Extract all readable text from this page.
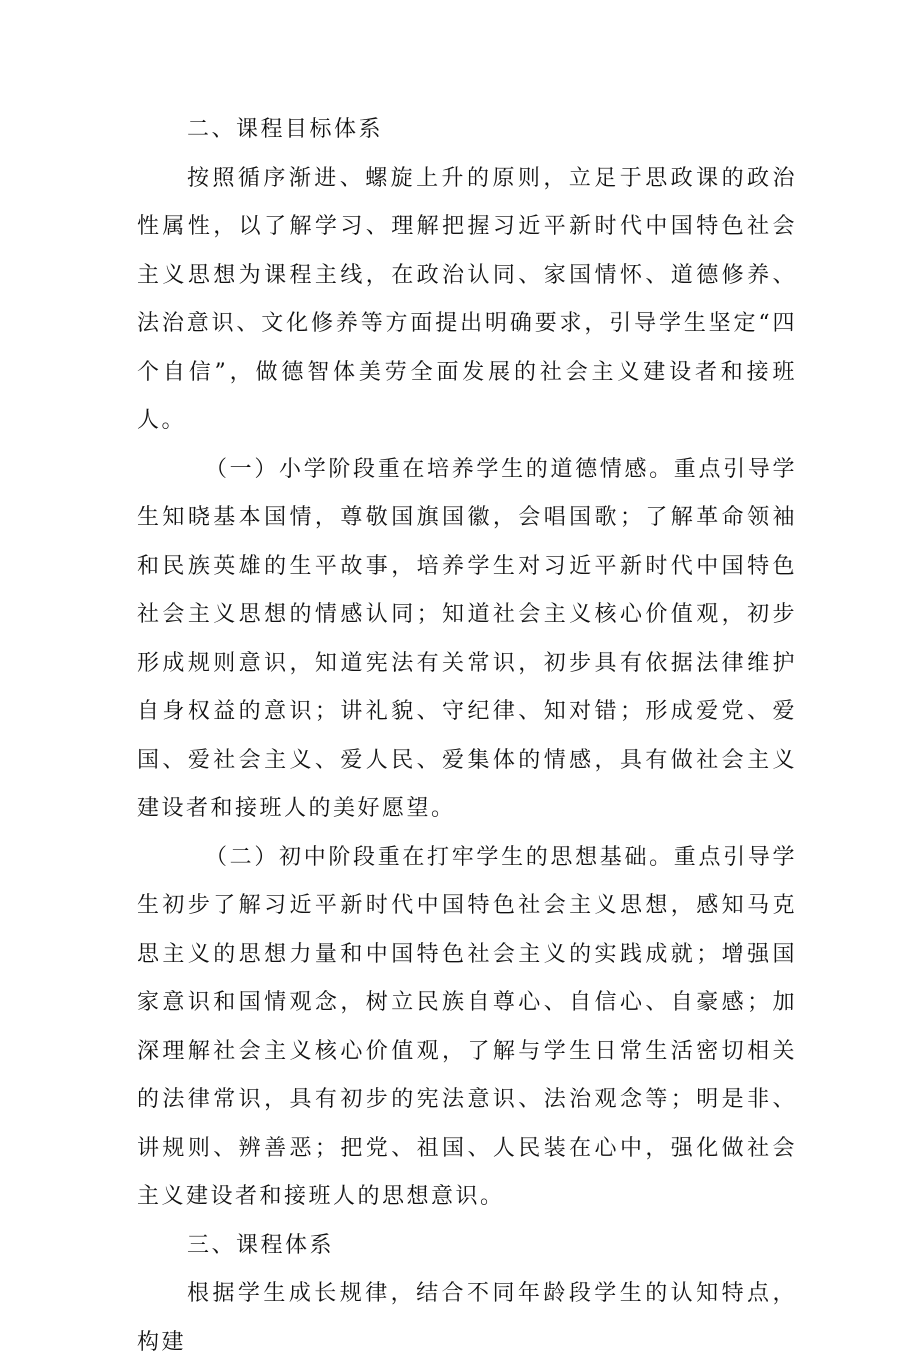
二、课程目标体系

按照循序渐进、螺旋上升的原则，立足于思政课的政治性属性，以了解学习、理解把握习近平新时代中国特色社会主义思想为课程主线，在政治认同、家国情怀、道德修养、法治意识、文化修养等方面提出明确要求，引导学生坚定“四个自信”，做德智体美劳全面发展的社会主义建设者和接班人。

（一）小学阶段重在培养学生的道德情感。重点引导学生知晓基本国情，尊敬国旗国徽，会唱国歌；了解革命领袖和民族英雄的生平故事，培养学生对习近平新时代中国特色社会主义思想的情感认同；知道社会主义核心价值观，初步形成规则意识，知道宪法有关常识，初步具有依据法律维护自身权益的意识；讲礼貌、守纪律、知对错；形成爱党、爱国、爱社会主义、爱人民、爱集体的情感，具有做社会主义建设者和接班人的美好愿望。

（二）初中阶段重在打牢学生的思想基础。重点引导学生初步了解习近平新时代中国特色社会主义思想，感知马克思主义的思想力量和中国特色社会主义的实践成就；增强国家意识和国情观念，树立民族自尊心、自信心、自豪感；加深理解社会主义核心价值观，了解与学生日常生活密切相关的法律常识，具有初步的宪法意识、法治观念等；明是非、讲规则、辨善恶；把党、祖国、人民装在心中，强化做社会主义建设者和接班人的思想意识。

三、课程体系

根据学生成长规律，结合不同年龄段学生的认知特点，构建
